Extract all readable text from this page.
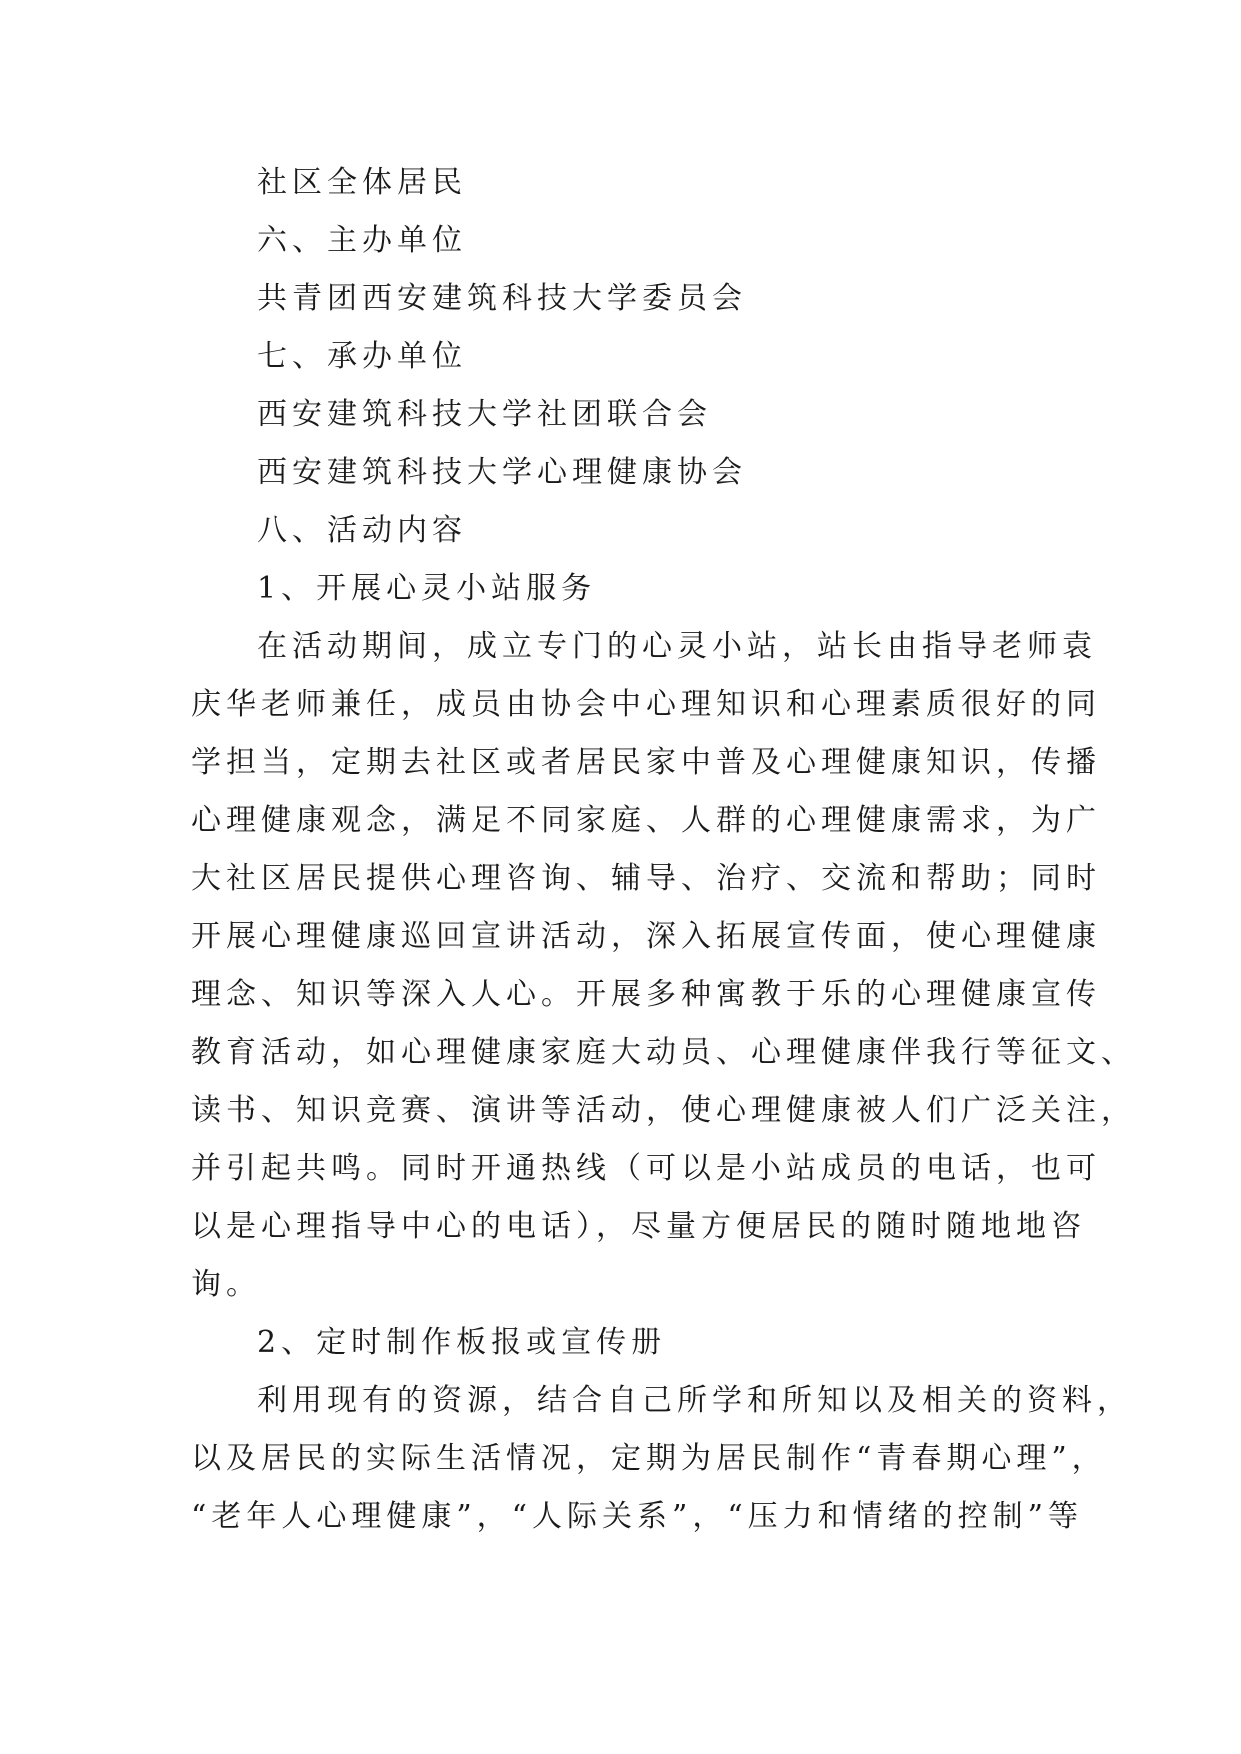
社区全体居民
六、主办单位
共青团西安建筑科技大学委员会
七、承办单位
西安建筑科技大学社团联合会
西安建筑科技大学心理健康协会
八、活动内容
1、开展心灵小站服务
在活动期间，成立专门的心灵小站，站长由指导老师袁
庆华老师兼任，成员由协会中心理知识和心理素质很好的同
学担当，定期去社区或者居民家中普及心理健康知识，传播
心理健康观念，满足不同家庭、人群的心理健康需求，为广
大社区居民提供心理咨询、辅导、治疗、交流和帮助；同时
开展心理健康巡回宣讲活动，深入拓展宣传面，使心理健康
理念、知识等深入人心。开展多种寓教于乐的心理健康宣传
教育活动，如心理健康家庭大动员、心理健康伴我行等征文、
读书、知识竞赛、演讲等活动，使心理健康被人们广泛关注，
并引起共鸣。同时开通热线（可以是小站成员的电话，也可
以是心理指导中心的电话），尽量方便居民的随时随地地咨
询。
2、定时制作板报或宣传册
利用现有的资源，结合自己所学和所知以及相关的资料，
以及居民的实际生活情况，定期为居民制作“青春期心理”，
“老年人心理健康”，“人际关系”，“压力和情绪的控制”等
